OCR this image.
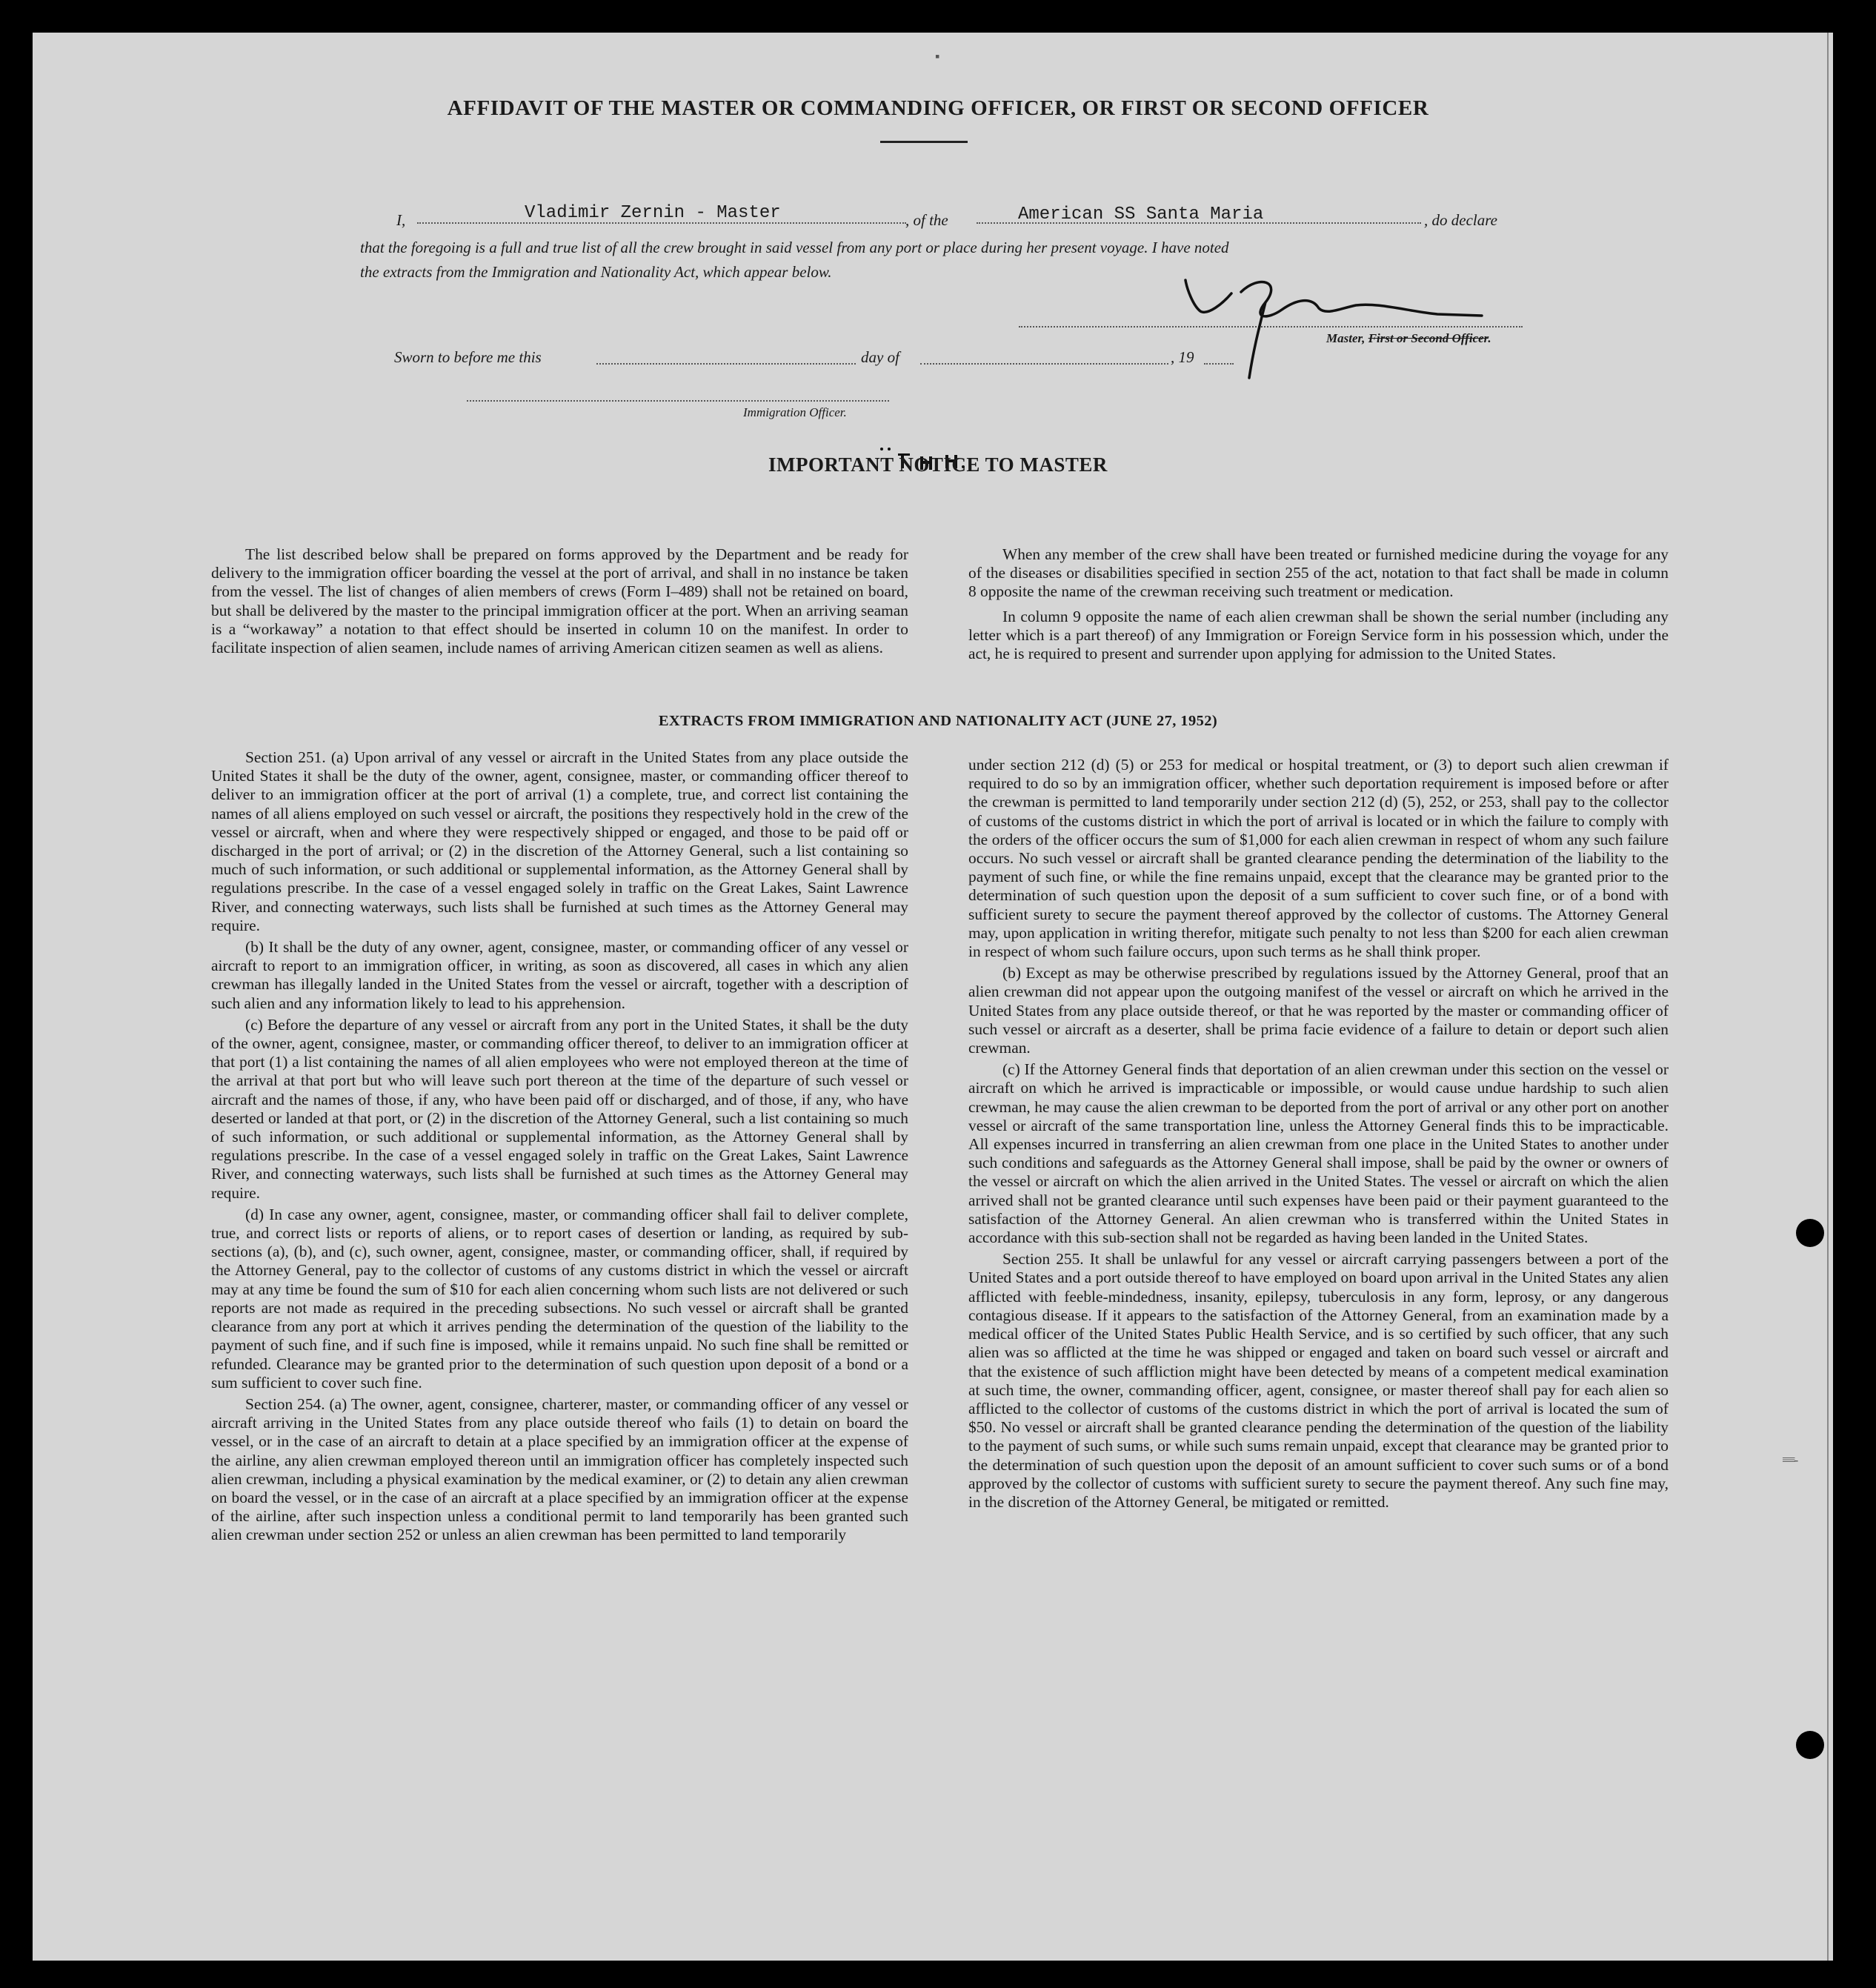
AFFIDAVIT OF THE MASTER OR COMMANDING OFFICER, OR FIRST OR SECOND OFFICER
I,	Vladimir Zernin - Master	, of the	American SS Santa Maria	, do declare
that the foregoing is a full and true list of all the crew brought in said vessel from any port or place during her present voyage. I have noted
the extracts from the Immigration and Nationality Act, which appear below.
Master, First or Second Officer.
Sworn to before me this	day of	, 19
Immigration Officer.
IMPORTANT NOTICE TO MASTER

The list described below shall be prepared on forms approved by the Department and be ready for delivery to the immigration officer boarding the vessel at the port of arrival, and shall in no instance be taken from the vessel. The list of changes of alien members of crews (Form I–489) shall not be retained on board, but shall be delivered by the master to the principal immigration officer at the port. When an arriving seaman is a “workaway” a notation to that effect should be inserted in column 10 on the manifest. In order to facilitate inspection of alien seamen, include names of arriving American citizen seamen as well as aliens.

When any member of the crew shall have been treated or furnished medicine during the voyage for any of the diseases or disabilities specified in section 255 of the act, notation to that fact shall be made in column 8 opposite the name of the crewman receiving such treatment or medication.

In column 9 opposite the name of each alien crewman shall be shown the serial number (including any letter which is a part thereof) of any Immigration or Foreign Service form in his possession which, under the act, he is required to present and surrender upon applying for admission to the United States.

EXTRACTS FROM IMMIGRATION AND NATIONALITY ACT (JUNE 27, 1952)

Section 251. (a) Upon arrival of any vessel or aircraft in the United States from any place outside the United States it shall be the duty of the owner, agent, consignee, master, or commanding officer thereof to deliver to an immigration officer at the port of arrival (1) a complete, true, and correct list containing the names of all aliens employed on such vessel or aircraft, the positions they respectively hold in the crew of the vessel or aircraft, when and where they were respectively shipped or engaged, and those to be paid off or discharged in the port of arrival; or (2) in the discretion of the Attorney General, such a list containing so much of such information, or such additional or supplemental information, as the Attorney General shall by regulations prescribe. In the case of a vessel engaged solely in traffic on the Great Lakes, Saint Lawrence River, and connecting waterways, such lists shall be furnished at such times as the Attorney General may require.

(b) It shall be the duty of any owner, agent, consignee, master, or commanding officer of any vessel or aircraft to report to an immigration officer, in writing, as soon as discovered, all cases in which any alien crewman has illegally landed in the United States from the vessel or aircraft, together with a description of such alien and any information likely to lead to his apprehension.

(c) Before the departure of any vessel or aircraft from any port in the United States, it shall be the duty of the owner, agent, consignee, master, or commanding officer thereof, to deliver to an immigration officer at that port (1) a list containing the names of all alien employees who were not employed thereon at the time of the arrival at that port but who will leave such port thereon at the time of the departure of such vessel or aircraft and the names of those, if any, who have been paid off or discharged, and of those, if any, who have deserted or landed at that port, or (2) in the discretion of the Attorney General, such a list containing so much of such information, or such additional or supplemental information, as the Attorney General shall by regulations prescribe. In the case of a vessel engaged solely in traffic on the Great Lakes, Saint Lawrence River, and connecting waterways, such lists shall be furnished at such times as the Attorney General may require.

(d) In case any owner, agent, consignee, master, or commanding officer shall fail to deliver complete, true, and correct lists or reports of aliens, or to report cases of desertion or landing, as required by sub-sections (a), (b), and (c), such owner, agent, consignee, master, or commanding officer, shall, if required by the Attorney General, pay to the collector of customs of any customs district in which the vessel or aircraft may at any time be found the sum of $10 for each alien concerning whom such lists are not delivered or such reports are not made as required in the preceding subsections. No such vessel or aircraft shall be granted clearance from any port at which it arrives pending the determination of the question of the liability to the payment of such fine, and if such fine is imposed, while it remains unpaid. No such fine shall be remitted or refunded. Clearance may be granted prior to the determination of such question upon deposit of a bond or a sum sufficient to cover such fine.

Section 254. (a) The owner, agent, consignee, charterer, master, or commanding officer of any vessel or aircraft arriving in the United States from any place outside thereof who fails (1) to detain on board the vessel, or in the case of an aircraft to detain at a place specified by an immigration officer at the expense of the airline, any alien crewman employed thereon until an immigration officer has completely inspected such alien crewman, including a physical examination by the medical examiner, or (2) to detain any alien crewman on board the vessel, or in the case of an aircraft at a place specified by an immigration officer at the expense of the airline, after such inspection unless a conditional permit to land temporarily has been granted such alien crewman under section 252 or unless an alien crewman has been permitted to land temporarily

under section 212 (d) (5) or 253 for medical or hospital treatment, or (3) to deport such alien crewman if required to do so by an immigration officer, whether such deportation requirement is imposed before or after the crewman is permitted to land temporarily under section 212 (d) (5), 252, or 253, shall pay to the collector of customs of the customs district in which the port of arrival is located or in which the failure to comply with the orders of the officer occurs the sum of $1,000 for each alien crewman in respect of whom any such failure occurs. No such vessel or aircraft shall be granted clearance pending the determination of the liability to the payment of such fine, or while the fine remains unpaid, except that the clearance may be granted prior to the determination of such question upon the deposit of a sum sufficient to cover such fine, or of a bond with sufficient surety to secure the payment thereof approved by the collector of customs. The Attorney General may, upon application in writing therefor, mitigate such penalty to not less than $200 for each alien crewman in respect of whom such failure occurs, upon such terms as he shall think proper.

(b) Except as may be otherwise prescribed by regulations issued by the Attorney General, proof that an alien crewman did not appear upon the outgoing manifest of the vessel or aircraft on which he arrived in the United States from any place outside thereof, or that he was reported by the master or commanding officer of such vessel or aircraft as a deserter, shall be prima facie evidence of a failure to detain or deport such alien crewman.

(c) If the Attorney General finds that deportation of an alien crewman under this section on the vessel or aircraft on which he arrived is impracticable or impossible, or would cause undue hardship to such alien crewman, he may cause the alien crewman to be deported from the port of arrival or any other port on another vessel or aircraft of the same transportation line, unless the Attorney General finds this to be impracticable. All expenses incurred in transferring an alien crewman from one place in the United States to another under such conditions and safeguards as the Attorney General shall impose, shall be paid by the owner or owners of the vessel or aircraft on which the alien arrived in the United States. The vessel or aircraft on which the alien arrived shall not be granted clearance until such expenses have been paid or their payment guaranteed to the satisfaction of the Attorney General. An alien crewman who is transferred within the United States in accordance with this sub-section shall not be regarded as having been landed in the United States.

Section 255. It shall be unlawful for any vessel or aircraft carrying passengers between a port of the United States and a port outside thereof to have employed on board upon arrival in the United States any alien afflicted with feeble-mindedness, insanity, epilepsy, tuberculosis in any form, leprosy, or any dangerous contagious disease. If it appears to the satisfaction of the Attorney General, from an examination made by a medical officer of the United States Public Health Service, and is so certified by such officer, that any such alien was so afflicted at the time he was shipped or engaged and taken on board such vessel or aircraft and that the existence of such affliction might have been detected by means of a competent medical examination at such time, the owner, commanding officer, agent, consignee, or master thereof shall pay for each alien so afflicted to the collector of customs of the customs district in which the port of arrival is located the sum of $50. No vessel or aircraft shall be granted clearance pending the determination of the question of the liability to the payment of such sums, or while such sums remain unpaid, except that clearance may be granted prior to the determination of such question upon the deposit of an amount sufficient to cover such sums or of a bond approved by the collector of customs with sufficient surety to secure the payment thereof. Any such fine may, in the discretion of the Attorney General, be mitigated or remitted.

▪
≡≡-
